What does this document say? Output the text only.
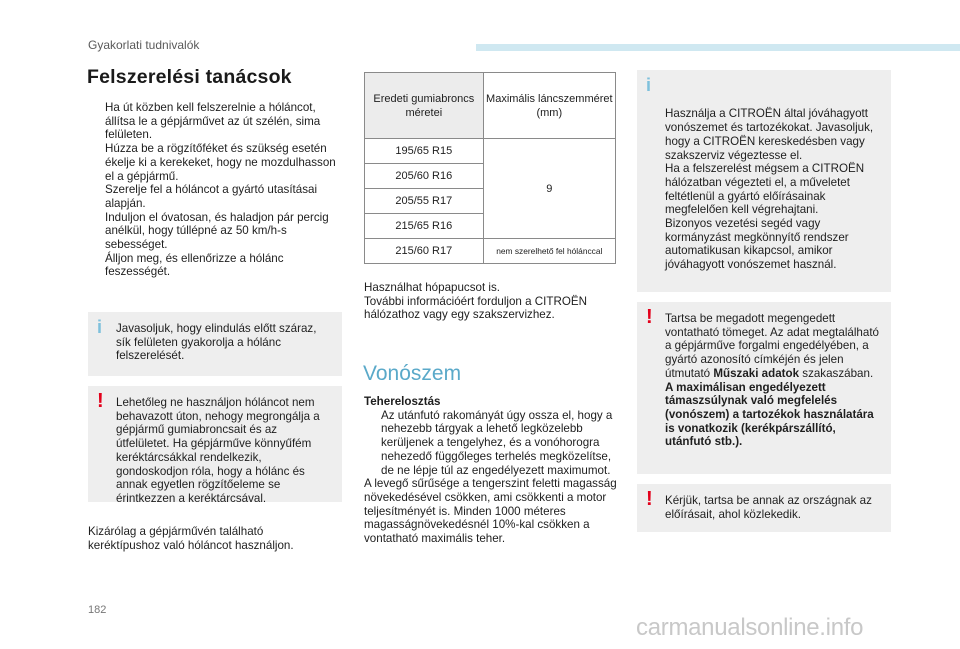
Gyakorlati tudnivalók
Felszerelési tanácsok
Ha út közben kell felszerelnie a hóláncot, állítsa le a gépjárművet az út szélén, sima felületen.
Húzza be a rögzítőféket és szükség esetén ékelje ki a kerekeket, hogy ne mozdulhasson el a gépjármű.
Szerelje fel a hóláncot a gyártó utasításai alapján.
Induljon el óvatosan, és haladjon pár percig anélkül, hogy túllépné az 50 km/h-s sebességet.
Álljon meg, és ellenőrizze a hólánc feszességét.
i Javasoljuk, hogy elindulás előtt száraz, sík felületen gyakorolja a hólánc felszerelését.
! Lehetőleg ne használjon hóláncot nem behavazott úton, nehogy megrongálja a gépjármű gumiabroncsait és az útfelületet. Ha gépjárműve könnyűfém keréktárcsákkal rendelkezik, gondoskodjon róla, hogy a hólánc és annak egyetlen rögzítőeleme se érintkezzen a keréktárcsával.
Kizárólag a gépjárművén található keréktípushoz való hóláncot használjon.
Eredeti gumiabroncs méretei	Maximális láncszemméret (mm)
195/65 R15	9
205/60 R16	
205/55 R17	
215/65 R16	
215/60 R17	nem szerelhető fel hólánccal
Használhat hópapucsot is.
További információért forduljon a CITROËN hálózathoz vagy egy szakszervizhez.
Vonószem
Teherelosztás
Az utánfutó rakományát úgy ossza el, hogy a nehezebb tárgyak a lehető legközelebb kerüljenek a tengelyhez, és a vonóhorogra nehezedő függőleges terhelés megközelítse, de ne lépje túl az engedélyezett maximumot.
A levegő sűrűsége a tengerszint feletti magasság növekedésével csökken, ami csökkenti a motor teljesítményét is. Minden 1000 méteres magasságnövekedésnél 10%-kal csökken a vontatható maximális teher.

i

Használja a CITROËN által jóváhagyott vonószemet és tartozékokat. Javasoljuk, hogy a CITROËN kereskedésben vagy szakszerviz végeztesse el.
Ha a felszerelést mégsem a CITROËN hálózatban végezteti el, a műveletet feltétlenül a gyártó előírásainak megfelelően kell végrehajtani.
Bizonyos vezetési segéd vagy kormányzást megkönnyítő rendszer automatikusan kikapcsol, amikor jóváhagyott vonószemet használ.

! Tartsa be megadott megengedett vontatható tömeget. Az adat megtalálható a gépjárműve forgalmi engedélyében, a gyártó azonosító címkéjén és jelen útmutató Műszaki adatok szakaszában.
A maximálisan engedélyezett támaszsúlynak való megfelelés (vonószem) a tartozékok használatára is vonatkozik (kerékpárszállító, utánfutó stb.).
! Kérjük, tartsa be annak az országnak az előírásait, ahol közlekedik.
182
carmanualsonline.info
